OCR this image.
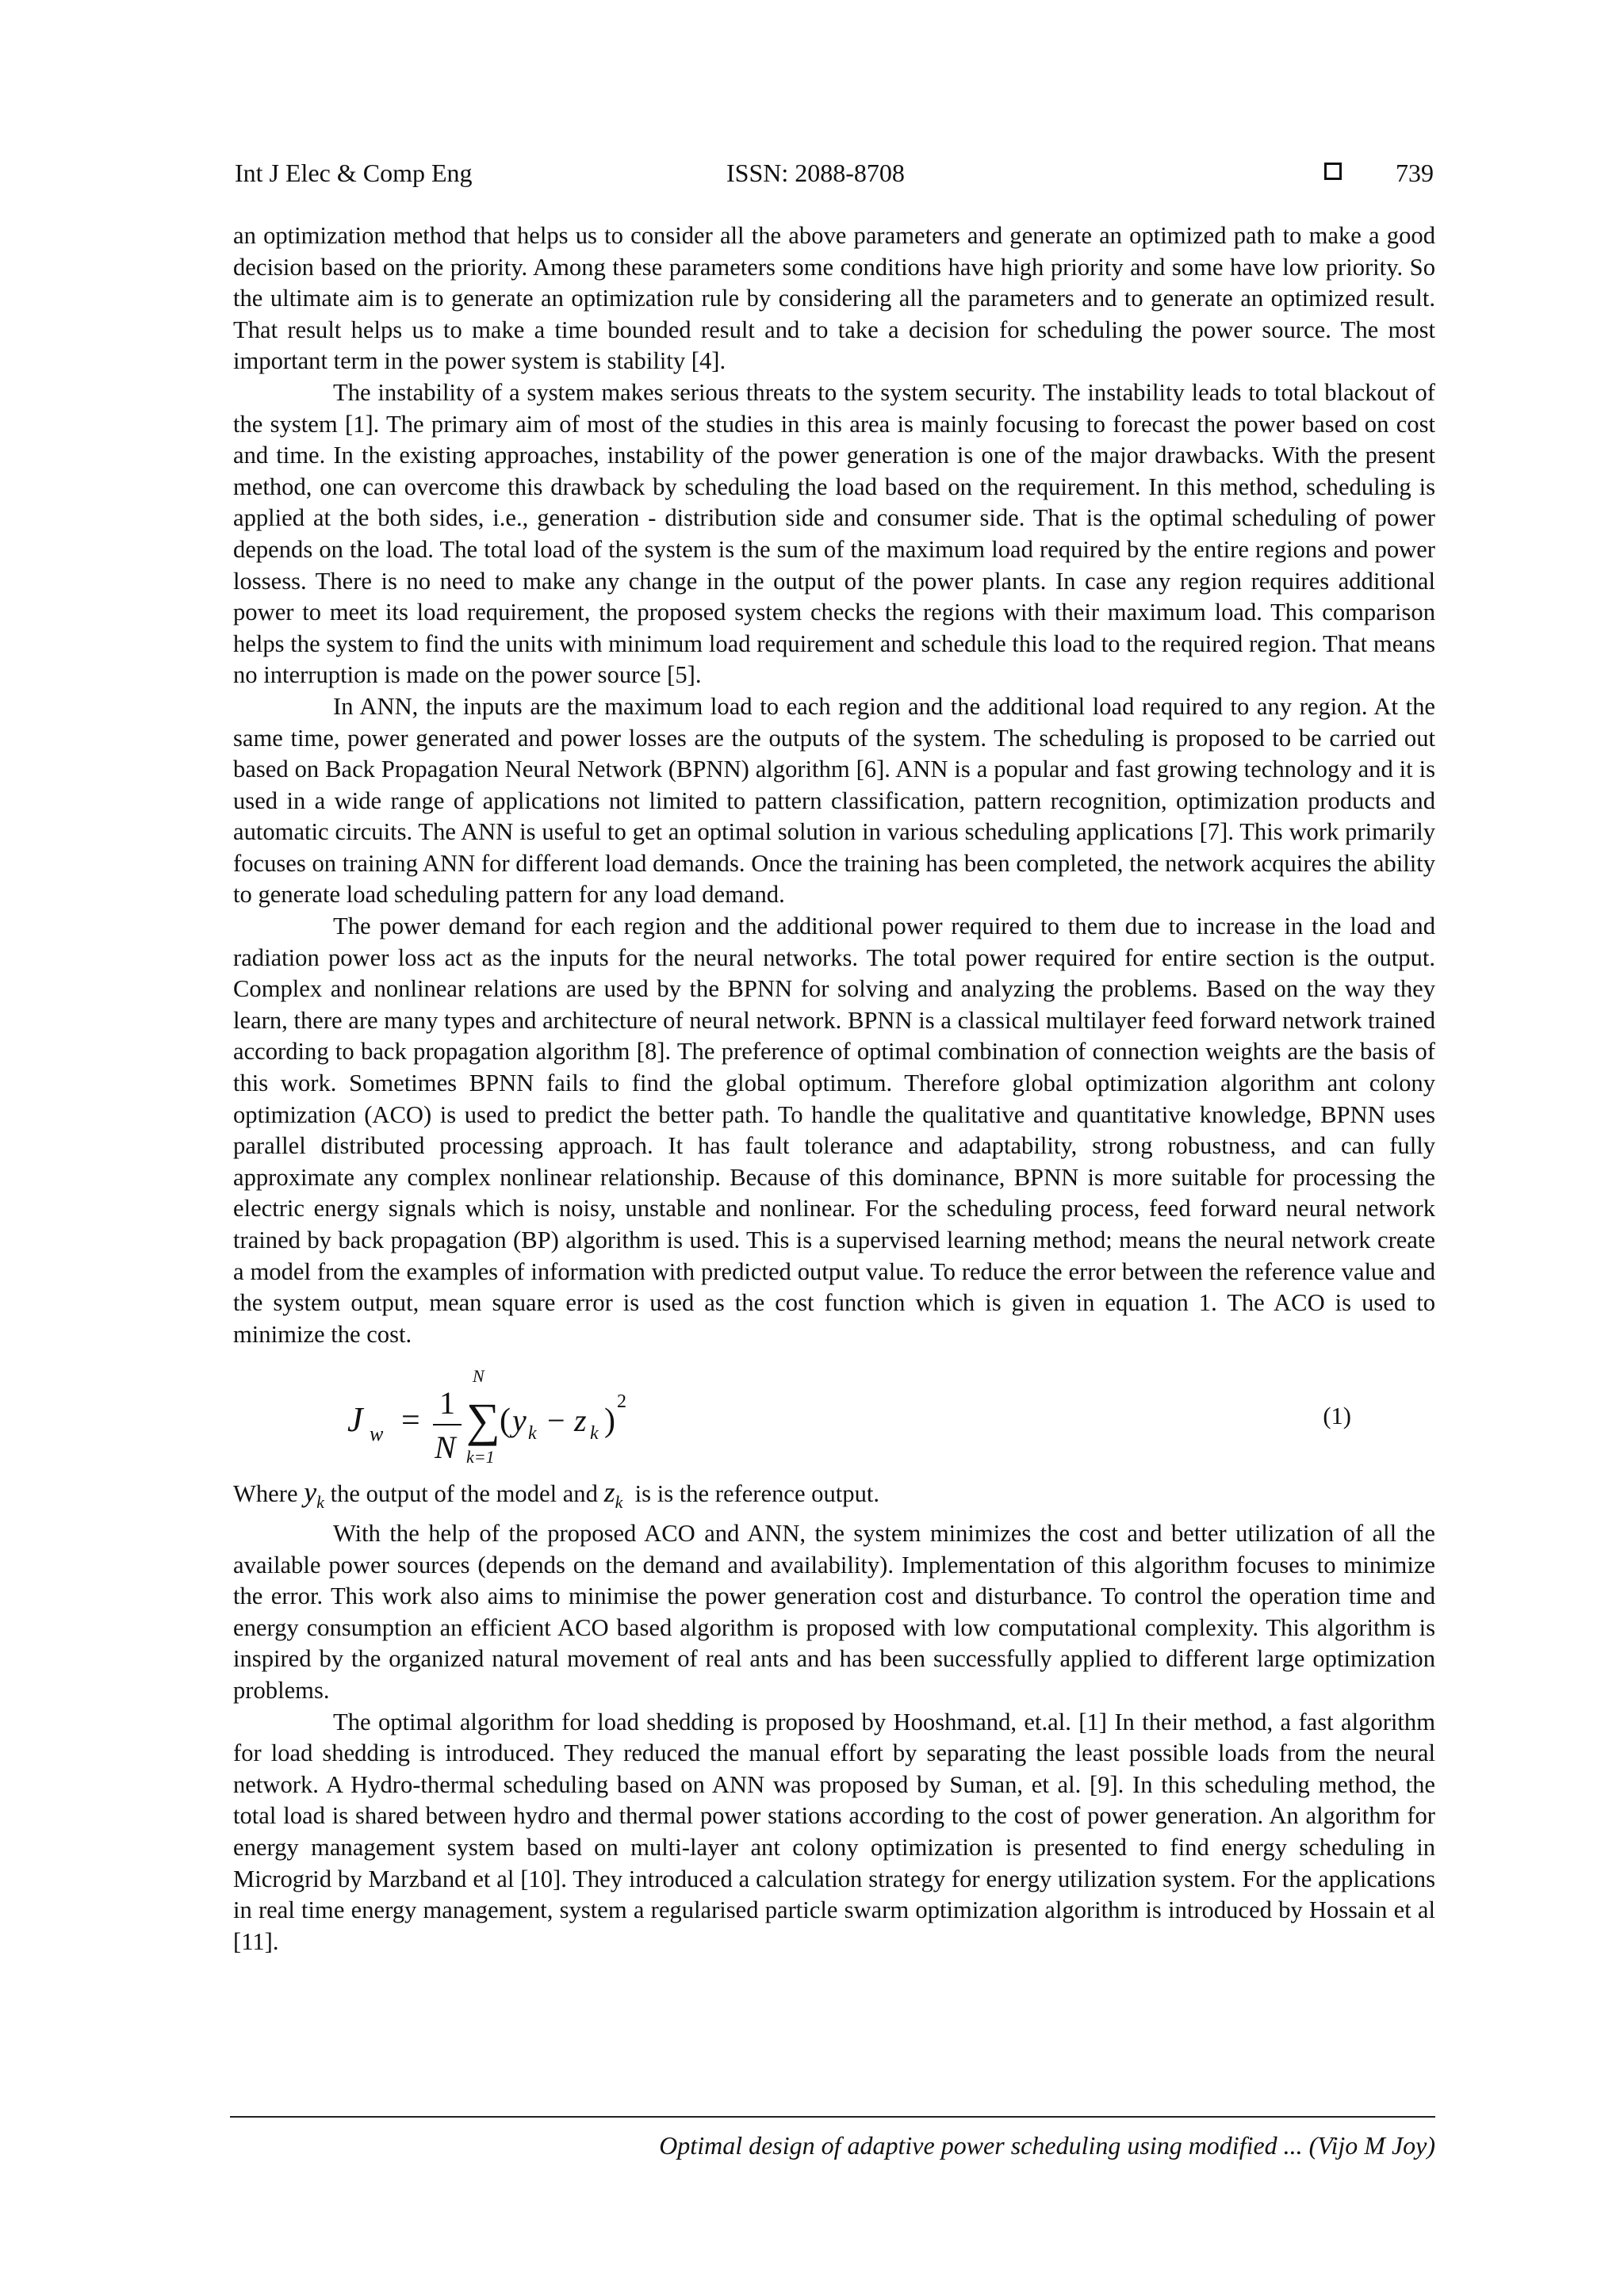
Int J Elec & Comp Eng	ISSN: 2088-8708	739

an optimization method that helps us to consider all the above parameters and generate an optimized path to make a good decision based on the priority. Among these parameters some conditions have high priority and some have low priority. So the ultimate aim is to generate an optimization rule by considering all the parameters and to generate an optimized result. That result helps us to make a time bounded result and to take a decision for scheduling the power source. The most important term in the power system is stability [4].

The instability of a system makes serious threats to the system security. The instability leads to total blackout of the system [1]. The primary aim of most of the studies in this area is mainly focusing to forecast the power based on cost and time. In the existing approaches, instability of the power generation is one of the major drawbacks. With the present method, one can overcome this drawback by scheduling the load based on the requirement. In this method, scheduling is applied at the both sides, i.e., generation - distribution side and consumer side. That is the optimal scheduling of power depends on the load. The total load of the system is the sum of the maximum load required by the entire regions and power lossess. There is no need to make any change in the output of the power plants. In case any region requires additional power to meet its load requirement, the proposed system checks the regions with their maximum load. This comparison helps the system to find the units with minimum load requirement and schedule this load to the required region. That means no interruption is made on the power source [5].

In ANN, the inputs are the maximum load to each region and the additional load required to any region. At the same time, power generated and power losses are the outputs of the system. The scheduling is proposed to be carried out based on Back Propagation Neural Network (BPNN) algorithm [6]. ANN is a popular and fast growing technology and it is used in a wide range of applications not limited to pattern classification, pattern recognition, optimization products and automatic circuits. The ANN is useful to get an optimal solution in various scheduling applications [7]. This work primarily focuses on training ANN for different load demands. Once the training has been completed, the network acquires the ability to generate load scheduling pattern for any load demand.

The power demand for each region and the additional power required to them due to increase in the load and radiation power loss act as the inputs for the neural networks. The total power required for entire section is the output. Complex and nonlinear relations are used by the BPNN for solving and analyzing the problems. Based on the way they learn, there are many types and architecture of neural network. BPNN is a classical multilayer feed forward network trained according to back propagation algorithm [8]. The preference of optimal combination of connection weights are the basis of this work. Sometimes BPNN fails to find the global optimum. Therefore global optimization algorithm ant colony optimization (ACO) is used to predict the better path. To handle the qualitative and quantitative knowledge, BPNN uses parallel distributed processing approach. It has fault tolerance and adaptability, strong robustness, and can fully approximate any complex nonlinear relationship. Because of this dominance, BPNN is more suitable for processing the electric energy signals which is noisy, unstable and nonlinear. For the scheduling process, feed forward neural network trained by back propagation (BP) algorithm is used. This is a supervised learning method; means the neural network create a model from the examples of information with predicted output value. To reduce the error between the reference value and the system output, mean square error is used as the cost function which is given in equation 1. The ACO is used to minimize the cost.

J w = 1
N
N
∑
k=1
( y k − z k )
2
(1)

Where $y_k$ the output of the model and $z_k$ is is the reference output.

With the help of the proposed ACO and ANN, the system minimizes the cost and better utilization of all the available power sources (depends on the demand and availability). Implementation of this algorithm focuses to minimize the error. This work also aims to minimise the power generation cost and disturbance. To control the operation time and energy consumption an efficient ACO based algorithm is proposed with low computational complexity. This algorithm is inspired by the organized natural movement of real ants and has been successfully applied to different large optimization problems.

The optimal algorithm for load shedding is proposed by Hooshmand, et.al. [1] In their method, a fast algorithm for load shedding is introduced. They reduced the manual effort by separating the least possible loads from the neural network. A Hydro-thermal scheduling based on ANN was proposed by Suman, et al. [9]. In this scheduling method, the total load is shared between hydro and thermal power stations according to the cost of power generation. An algorithm for energy management system based on multi-layer ant colony optimization is presented to find energy scheduling in Microgrid by Marzband et al [10]. They introduced a calculation strategy for energy utilization system. For the applications in real time energy management, system a regularised particle swarm optimization algorithm is introduced by Hossain et al [11].

Optimal design of adaptive power scheduling using modified ... (Vijo M Joy)
